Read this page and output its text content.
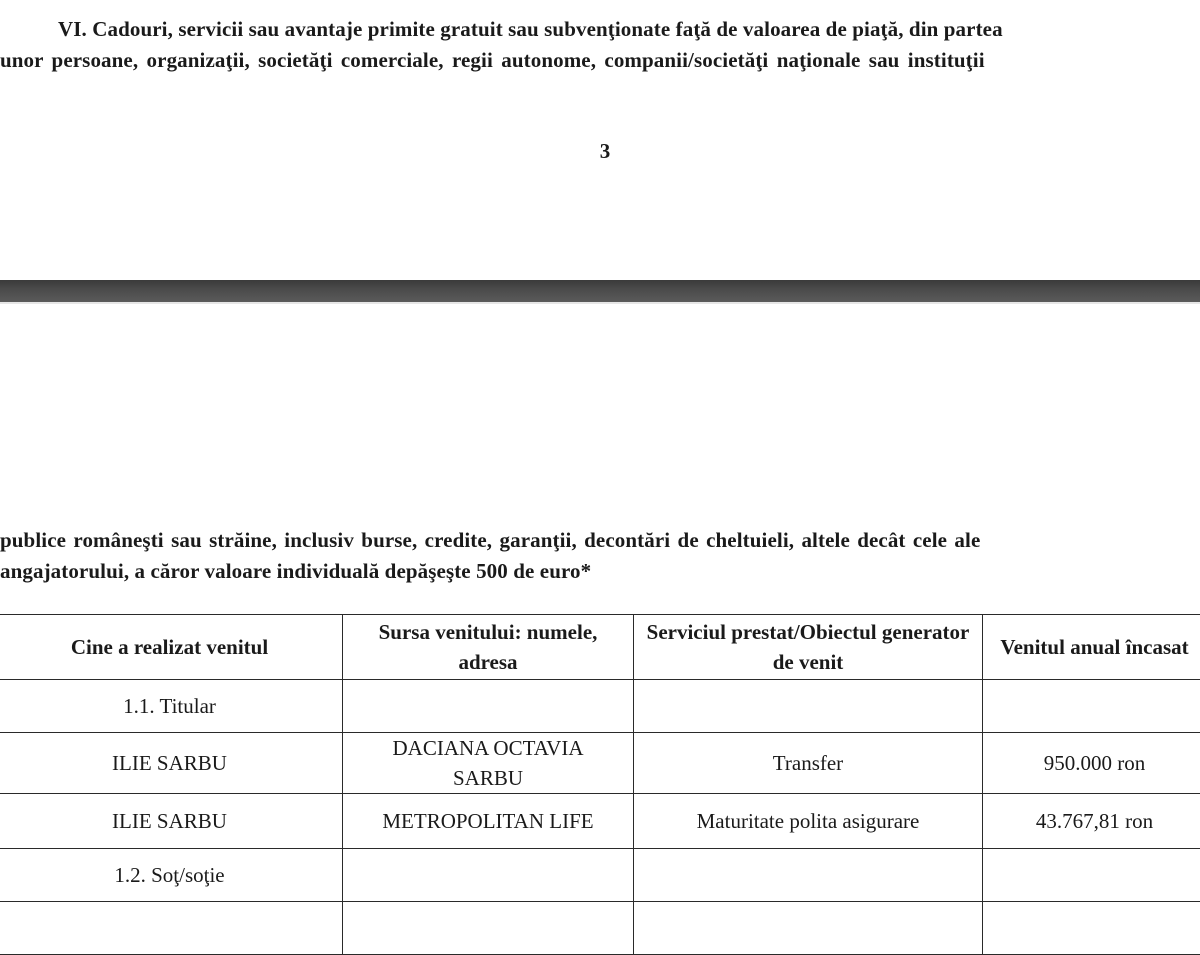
VI. Cadouri, servicii sau avantaje primite gratuit sau subvenţionate faţă de valoarea de piaţă, din partea
unor persoane, organizaţii, societăţi comerciale, regii autonome, companii/societăţi naţionale sau instituţii
3
publice româneşti sau străine, inclusiv burse, credite, garanţii, decontări de cheltuieli, altele decât cele ale
angajatorului, a căror valoare individuală depăşeşte 500 de euro*
Cine a realizat venitul	Sursa venitului: numele, adresa	Serviciul prestat/Obiectul generator de venit	Venitul anual încasat
1.1. Titular			
ILIE SARBU	DACIANA OCTAVIA SARBU	Transfer	950.000 ron
ILIE SARBU	METROPOLITAN LIFE	Maturitate polita asigurare	43.767,81 ron
1.2. Soţ/soţie			
